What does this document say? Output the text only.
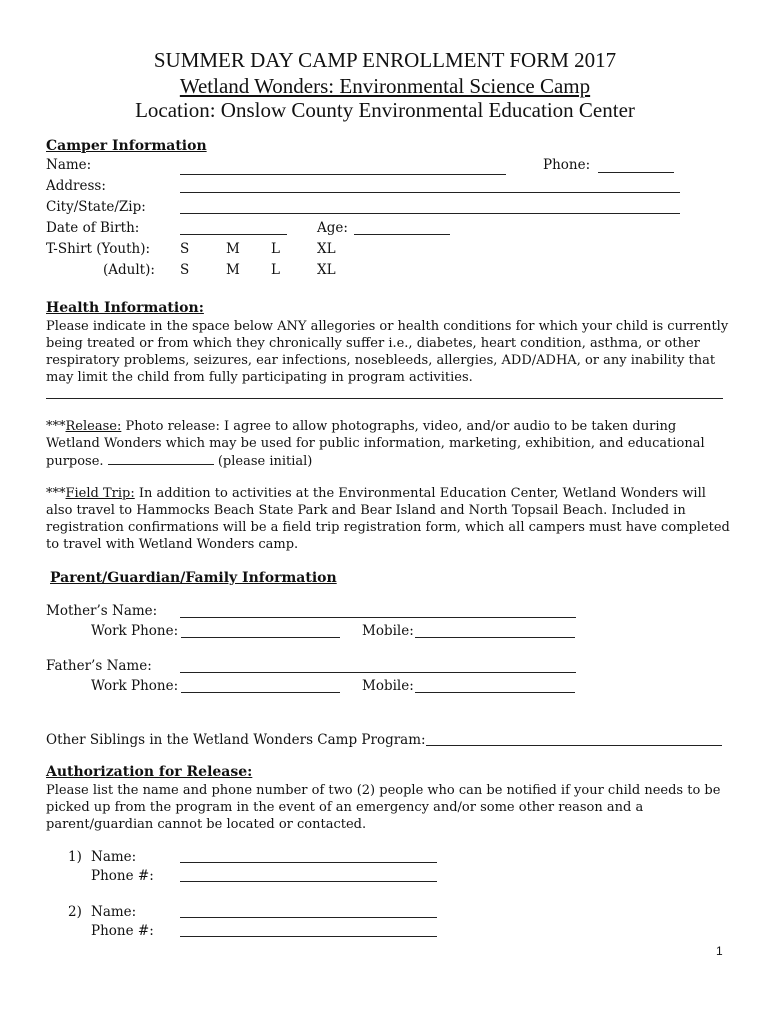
SUMMER DAY CAMP ENROLLMENT FORM 2017
Wetland Wonders: Environmental Science Camp
Location: Onslow County Environmental Education Center
Camper Information
Name:	Phone:
Address:
City/State/Zip:
Date of Birth:	Age:
T-Shirt (Youth): S	M L	XL
(Adult): S	M L	XL
Health Information:
Please indicate in the space below ANY allegories or health conditions for which your child is currently being treated or from which they chronically suffer i.e., diabetes, heart condition, asthma, or other respiratory problems, seizures, ear infections, nosebleeds, allergies, ADD/ADHA, or any inability that may limit the child from fully participating in program activities.
***Release: Photo release: I agree to allow photographs, video, and/or audio to be taken during Wetland Wonders which may be used for public information, marketing, exhibition, and educational purpose.	(please initial)
***Field Trip: In addition to activities at the Environmental Education Center, Wetland Wonders will also travel to Hammocks Beach State Park and Bear Island and North Topsail Beach. Included in registration confirmations will be a field trip registration form, which all campers must have completed to travel with Wetland Wonders camp.
Parent/Guardian/Family Information
Mother’s Name:
Work Phone:	Mobile:
Father’s Name:
Work Phone:	Mobile:
Other Siblings in the Wetland Wonders Camp Program:
Authorization for Release:
Please list the name and phone number of two (2) people who can be notified if your child needs to be picked up from the program in the event of an emergency and/or some other reason and a parent/guardian cannot be located or contacted.
1) Name:
Phone #:
2) Name:
Phone #:
1
